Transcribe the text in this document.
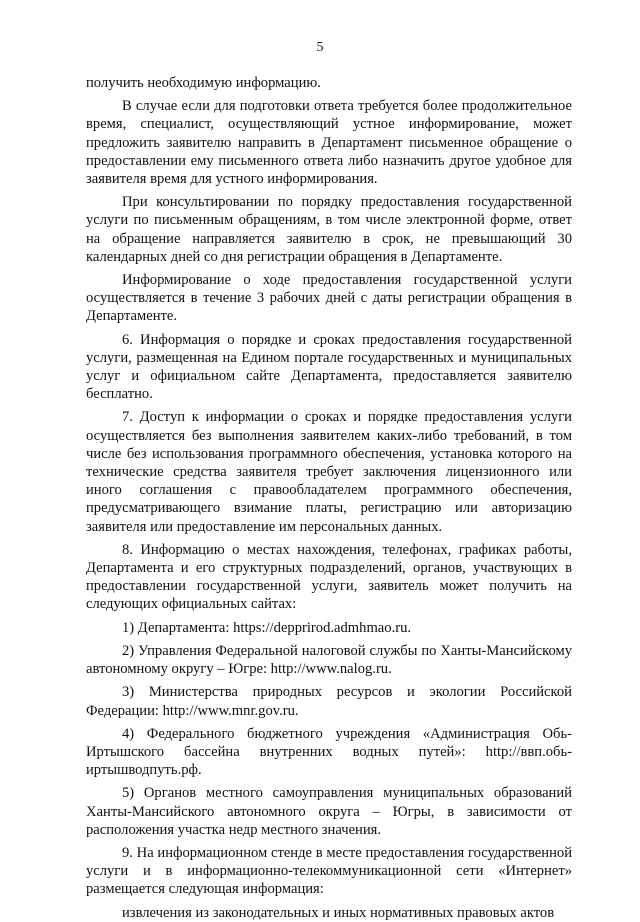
5

получить необходимую информацию.

В случае если для подготовки ответа требуется более продолжительное время, специалист, осуществляющий устное информирование, может предложить заявителю направить в Департамент письменное обращение о предоставлении ему письменного ответа либо назначить другое удобное для заявителя время для устного информирования.

При консультировании по порядку предоставления государственной услуги по письменным обращениям, в том числе электронной форме, ответ на обращение направляется заявителю в срок, не превышающий 30 календарных дней со дня регистрации обращения в Департаменте.

Информирование о ходе предоставления государственной услуги осуществляется в течение 3 рабочих дней с даты регистрации обращения в Департаменте.

6. Информация о порядке и сроках предоставления государственной услуги, размещенная на Едином портале государственных и муниципальных услуг и официальном сайте Департамента, предоставляется заявителю бесплатно.

7. Доступ к информации о сроках и порядке предоставления услуги осуществляется без выполнения заявителем каких-либо требований, в том числе без использования программного обеспечения, установка которого на технические средства заявителя требует заключения лицензионного или иного соглашения с правообладателем программного обеспечения, предусматривающего взимание платы, регистрацию или авторизацию заявителя или предоставление им персональных данных.

8. Информацию о местах нахождения, телефонах, графиках работы, Департамента и его структурных подразделений, органов, участвующих в предоставлении государственной услуги, заявитель может получить на следующих официальных сайтах:

1) Департамента: https://depprirod.admhmao.ru.

2) Управления Федеральной налоговой службы по Ханты-Мансийскому автономному округу – Югре: http://www.nalog.ru.

3) Министерства природных ресурсов и экологии Российской Федерации: http://www.mnr.gov.ru.

4) Федерального бюджетного учреждения «Администрация Обь-Иртышского бассейна внутренних водных путей»: http://ввп.обь-иртышводпуть.рф.

5) Органов местного самоуправления муниципальных образований Ханты-Мансийского автономного округа – Югры, в зависимости от расположения участка недр местного значения.

9. На информационном стенде в месте предоставления государственной услуги и в информационно-телекоммуникационной сети «Интернет» размещается следующая информация:

извлечения из законодательных и иных нормативных правовых актов
